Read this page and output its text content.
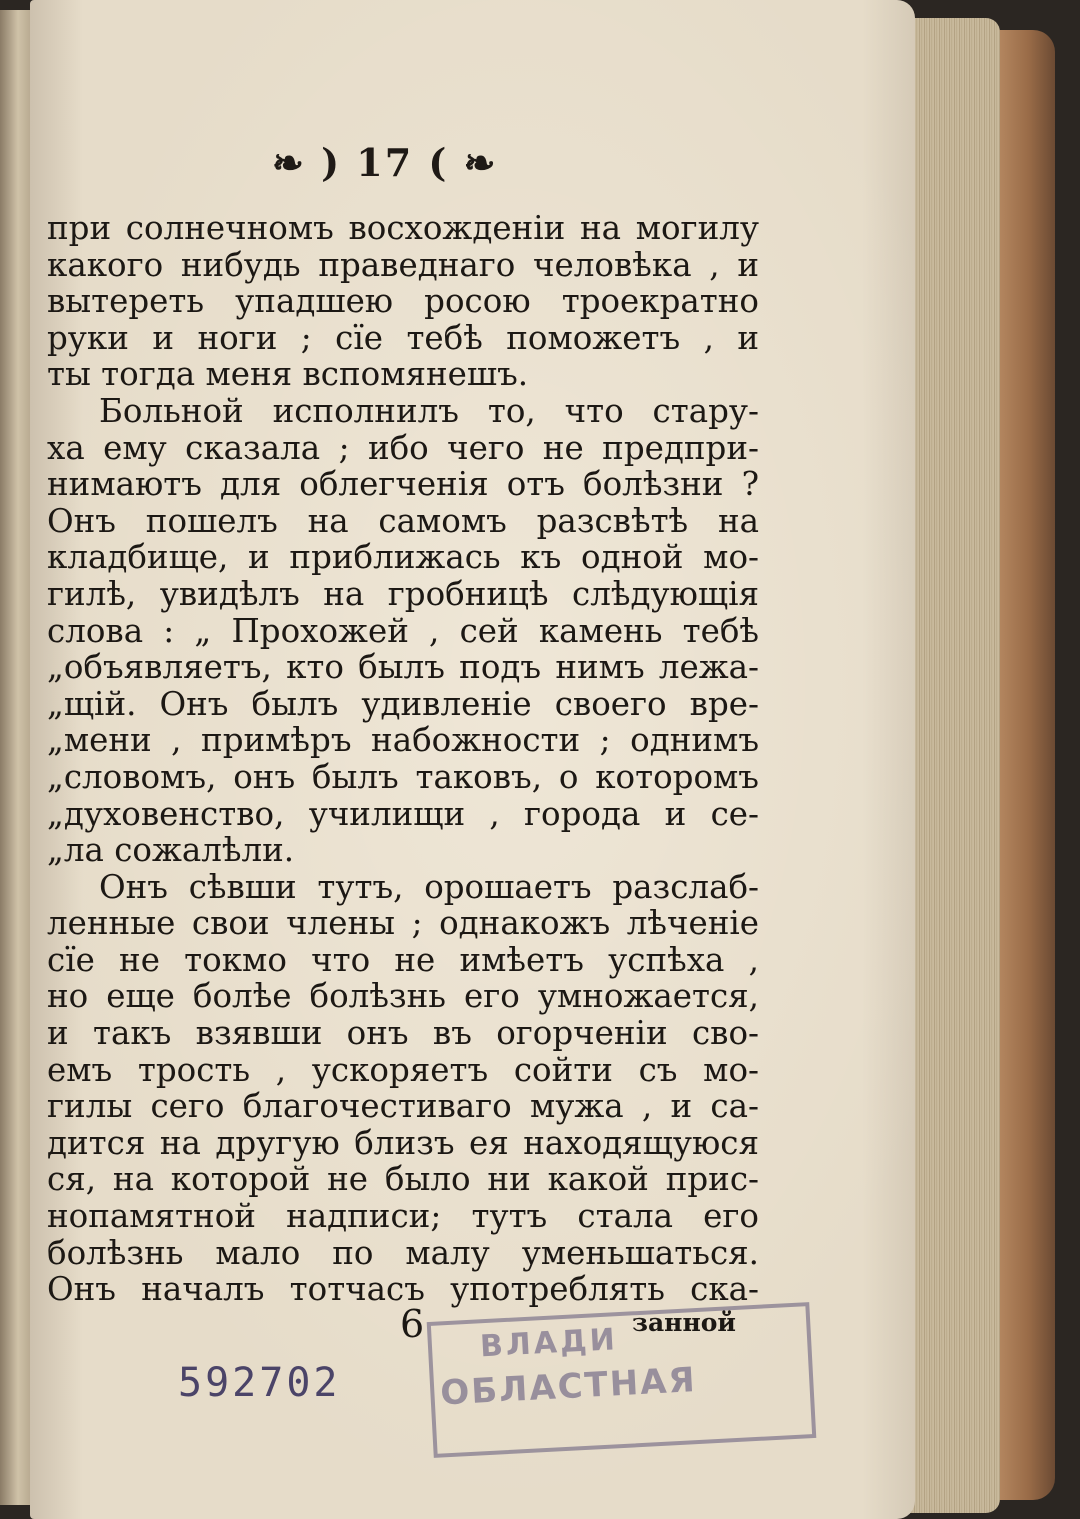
❧ ) 17 ( ❧
при солнечномъ восхожденіи на могилу
какого нибудь праведнаго человѣка , и
вытереть упадшею росою троекратно
руки и ноги ; сїе тебѣ поможетъ , и
ты тогда меня вспомянешъ.
Больной исполнилъ то, что стару-
ха ему сказала ; ибо чего не предпри-
нимаютъ для облегченія отъ болѣзни ?
Онъ пошелъ на самомъ разсвѣтѣ на
кладбище, и приближась къ одной мо-
гилѣ, увидѣлъ на гробницѣ слѣдующія
слова : „ Прохожей , сей камень тебѣ
„объявляетъ, кто былъ подъ нимъ лежа-
„щій. Онъ былъ удивленіе своего вре-
„мени , примѣръ набожности ; однимъ
„словомъ, онъ былъ таковъ, о которомъ
„духовенство, училищи , города и се-
„ла сожалѣли.
Онъ сѣвши тутъ, орошаетъ разслаб-
ленные свои члены ; однакожъ лѣченіе
сїе не токмо что не имѣетъ успѣха ,
но еще болѣе болѣзнь его умножается,
и такъ взявши онъ въ огорченіи сво-
емъ трость , ускоряетъ сойти съ мо-
гилы сего благочестиваго мужа , и са-
дится на другую близъ ея находящуюся
ся, на которой не было ни какой прис-
нопамятной надписи; тутъ стала его
болѣзнь мало по малу уменьшаться.
Онъ началъ тотчасъ употреблять ска-
6	занной
ВЛАДИ
ОБЛАСТНАЯ
592702
